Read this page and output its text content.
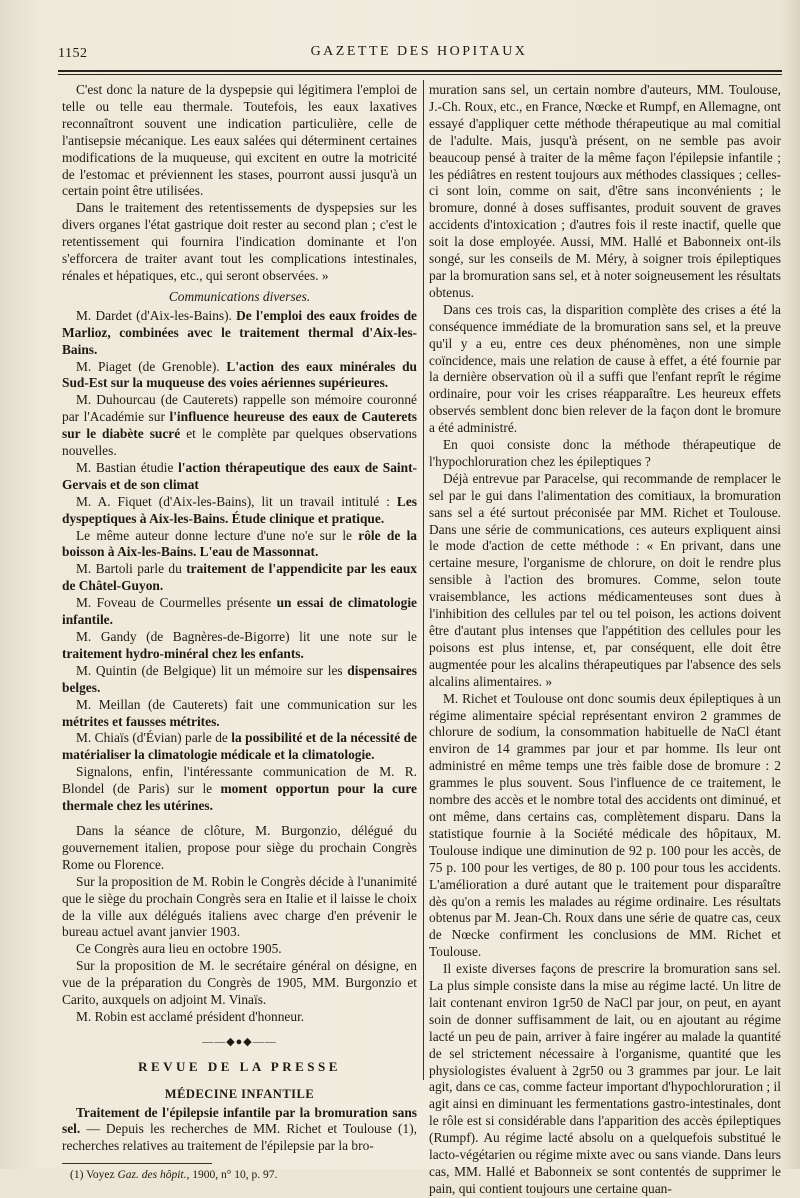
1152	GAZETTE DES HOPITAUX

C'est donc la nature de la dyspepsie qui légitimera l'emploi de telle ou telle eau thermale. Toutefois, les eaux laxatives reconnaîtront souvent une indication particulière, celle de l'antisepsie mécanique. Les eaux salées qui déterminent certaines modifications de la muqueuse, qui excitent en outre la motricité de l'estomac et préviennent les stases, pourront aussi jusqu'à un certain point être utilisées.

Dans le traitement des retentissements de dyspepsies sur les divers organes l'état gastrique doit rester au second plan ; c'est le retentissement qui fournira l'indication dominante et l'on s'efforcera de traiter avant tout les complications intestinales, rénales et hépatiques, etc., qui seront observées. »

Communications diverses.

M. Dardet (d'Aix-les-Bains). De l'emploi des eaux froides de Marlioz, combinées avec le traitement thermal d'Aix-les-Bains.

M. Piaget (de Grenoble). L'action des eaux minérales du Sud-Est sur la muqueuse des voies aériennes supérieures.

M. Duhourcau (de Cauterets) rappelle son mémoire couronné par l'Académie sur l'influence heureuse des eaux de Cauterets sur le diabète sucré et le complète par quelques observations nouvelles.

M. Bastian étudie l'action thérapeutique des eaux de Saint-Gervais et de son climat

M. A. Fiquet (d'Aix-les-Bains), lit un travail intitulé : Les dyspeptiques à Aix-les-Bains. Étude clinique et pratique.

Le même auteur donne lecture d'une no'e sur le rôle de la boisson à Aix-les-Bains. L'eau de Massonnat.

M. Bartoli parle du traitement de l'appendicite par les eaux de Châtel-Guyon.

M. Foveau de Courmelles présente un essai de climatologie infantile.

M. Gandy (de Bagnères-de-Bigorre) lit une note sur le traitement hydro-minéral chez les enfants.

M. Quintin (de Belgique) lit un mémoire sur les dispensaires belges.

M. Meillan (de Cauterets) fait une communication sur les métrites et fausses métrites.

M. Chiaïs (d'Évian) parle de la possibilité et de la nécessité de matérialiser la climatologie médicale et la climatologie.

Signalons, enfin, l'intéressante communication de M. R. Blondel (de Paris) sur le moment opportun pour la cure thermale chez les utérines.

Dans la séance de clôture, M. Burgonzio, délégué du gouvernement italien, propose pour siège du prochain Congrès Rome ou Florence.

Sur la proposition de M. Robin le Congrès décide à l'unanimité que le siège du prochain Congrès sera en Italie et il laisse le choix de la ville aux délégués italiens avec charge d'en prévenir le bureau actuel avant janvier 1903.

Ce Congrès aura lieu en octobre 1905.

Sur la proposition de M. le secrétaire général on désigne, en vue de la préparation du Congrès de 1905, MM. Burgonzio et Carito, auxquels on adjoint M. Vinaïs.

M. Robin est acclamé président d'honneur.

——◆●◆——
REVUE DE LA PRESSE
MÉDECINE INFANTILE

Traitement de l'épilepsie infantile par la bromuration sans sel. — Depuis les recherches de MM. Richet et Toulouse (1), recherches relatives au traitement de l'épilepsie par la bro-

(1) Voyez Gaz. des hôpit., 1900, n° 10, p. 97.

muration sans sel, un certain nombre d'auteurs, MM. Toulouse, J.-Ch. Roux, etc., en France, Nœcke et Rumpf, en Allemagne, ont essayé d'appliquer cette méthode thérapeutique au mal comitial de l'adulte. Mais, jusqu'à présent, on ne semble pas avoir beaucoup pensé à traiter de la même façon l'épilepsie infantile ; les pédiâtres en restent toujours aux méthodes classiques ; celles-ci sont loin, comme on sait, d'être sans inconvénients ; le bromure, donné à doses suffisantes, produit souvent de graves accidents d'intoxication ; d'autres fois il reste inactif, quelle que soit la dose employée. Aussi, MM. Hallé et Babonneix ont-ils songé, sur les conseils de M. Méry, à soigner trois épileptiques par la bromuration sans sel, et à noter soigneusement les résultats obtenus.

Dans ces trois cas, la disparition complète des crises a été la conséquence immédiate de la bromuration sans sel, et la preuve qu'il y a eu, entre ces deux phénomènes, non une simple coïncidence, mais une relation de cause à effet, a été fournie par la dernière observation où il a suffi que l'enfant reprît le régime ordinaire, pour voir les crises réapparaître. Les heureux effets observés semblent donc bien relever de la façon dont le bromure a été administré.

En quoi consiste donc la méthode thérapeutique de l'hypochloruration chez les épileptiques ?

Déjà entrevue par Paracelse, qui recommande de remplacer le sel par le gui dans l'alimentation des comitiaux, la bromuration sans sel a été surtout préconisée par MM. Richet et Toulouse. Dans une série de communications, ces auteurs expliquent ainsi le mode d'action de cette méthode : « En privant, dans une certaine mesure, l'organisme de chlorure, on doit le rendre plus sensible à l'action des bromures. Comme, selon toute vraisemblance, les actions médicamenteuses sont dues à l'inhibition des cellules par tel ou tel poison, les actions doivent être d'autant plus intenses que l'appétition des cellules pour les poisons est plus intense, et, par conséquent, elle doit être augmentée pour les alcalins thérapeutiques par l'absence des sels alcalins alimentaires. »

M. Richet et Toulouse ont donc soumis deux épileptiques à un régime alimentaire spécial représentant environ 2 grammes de chlorure de sodium, la consommation habituelle de NaCl étant environ de 14 grammes par jour et par homme. Ils leur ont administré en même temps une très faible dose de bromure : 2 grammes le plus souvent. Sous l'influence de ce traitement, le nombre des accès et le nombre total des accidents ont diminué, et ont même, dans certains cas, complètement disparu. Dans la statistique fournie à la Société médicale des hôpitaux, M. Toulouse indique une diminution de 92 p. 100 pour les accès, de 75 p. 100 pour les vertiges, de 80 p. 100 pour tous les accidents. L'amélioration a duré autant que le traitement pour disparaître dès qu'on a remis les malades au régime ordinaire. Les résultats obtenus par M. Jean-Ch. Roux dans une série de quatre cas, ceux de Nœcke confirment les conclusions de MM. Richet et Toulouse.

Il existe diverses façons de prescrire la bromuration sans sel. La plus simple consiste dans la mise au régime lacté. Un litre de lait contenant environ 1gr50 de NaCl par jour, on peut, en ayant soin de donner suffisamment de lait, ou en ajoutant au régime lacté un peu de pain, arriver à faire ingérer au malade la quantité de sel strictement nécessaire à l'organisme, quantité que les physiologistes évaluent à 2gr50 ou 3 grammes par jour. Le lait agit, dans ce cas, comme facteur important d'hypochloruration ; il agit ainsi en diminuant les fermentations gastro-intestinales, dont le rôle est si considérable dans l'apparition des accès épileptiques (Rumpf). Au régime lacté absolu on a quelquefois substitué le lacto-végétarien ou régime mixte avec ou sans viande. Dans leurs cas, MM. Hallé et Babonneix se sont contentés de supprimer le pain, qui contient toujours une certaine quan-
